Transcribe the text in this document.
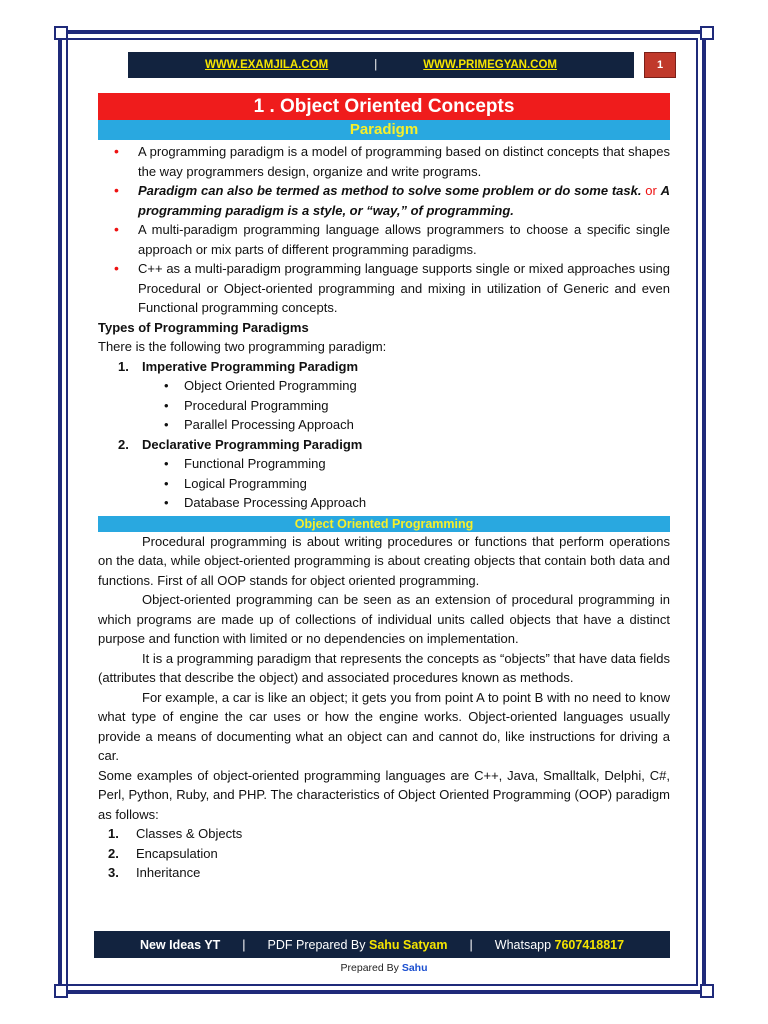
WWW.EXAMJILA.COM	|	WWW.PRIMEGYAN.COM	1
1 . Object Oriented Concepts
Paradigm
• A programming paradigm is a model of programming based on distinct concepts that shapes the way programmers design, organize and write programs.
• Paradigm can also be termed as method to solve some problem or do some task. or A programming paradigm is a style, or “way,” of programming.
• A multi-paradigm programming language allows programmers to choose a specific single approach or mix parts of different programming paradigms.
• C++ as a multi-paradigm programming language supports single or mixed approaches using Procedural or Object-oriented programming and mixing in utilization of Generic and even Functional programming concepts.
Types of Programming Paradigms
There is the following two programming paradigm:
1. Imperative Programming Paradigm
• Object Oriented Programming
• Procedural Programming
• Parallel Processing Approach
2. Declarative Programming Paradigm
• Functional Programming
• Logical Programming
• Database Processing Approach
Object Oriented Programming
Procedural programming is about writing procedures or functions that perform operations on the data, while object-oriented programming is about creating objects that contain both data and functions. First of all OOP stands for object oriented programming.
Object-oriented programming can be seen as an extension of procedural programming in which programs are made up of collections of individual units called objects that have a distinct purpose and function with limited or no dependencies on implementation.
It is a programming paradigm that represents the concepts as “objects” that have data fields (attributes that describe the object) and associated procedures known as methods.
For example, a car is like an object; it gets you from point A to point B with no need to know what type of engine the car uses or how the engine works. Object-oriented languages usually provide a means of documenting what an object can and cannot do, like instructions for driving a car.
Some examples of object-oriented programming languages are C++, Java, Smalltalk, Delphi, C#, Perl, Python, Ruby, and PHP. The characteristics of Object Oriented Programming (OOP) paradigm as follows:
1. Classes & Objects
2. Encapsulation
3. Inheritance
New Ideas YT | PDF Prepared By
Sahu Satyam | Whatsapp
7607418817
Prepared By Sahu
